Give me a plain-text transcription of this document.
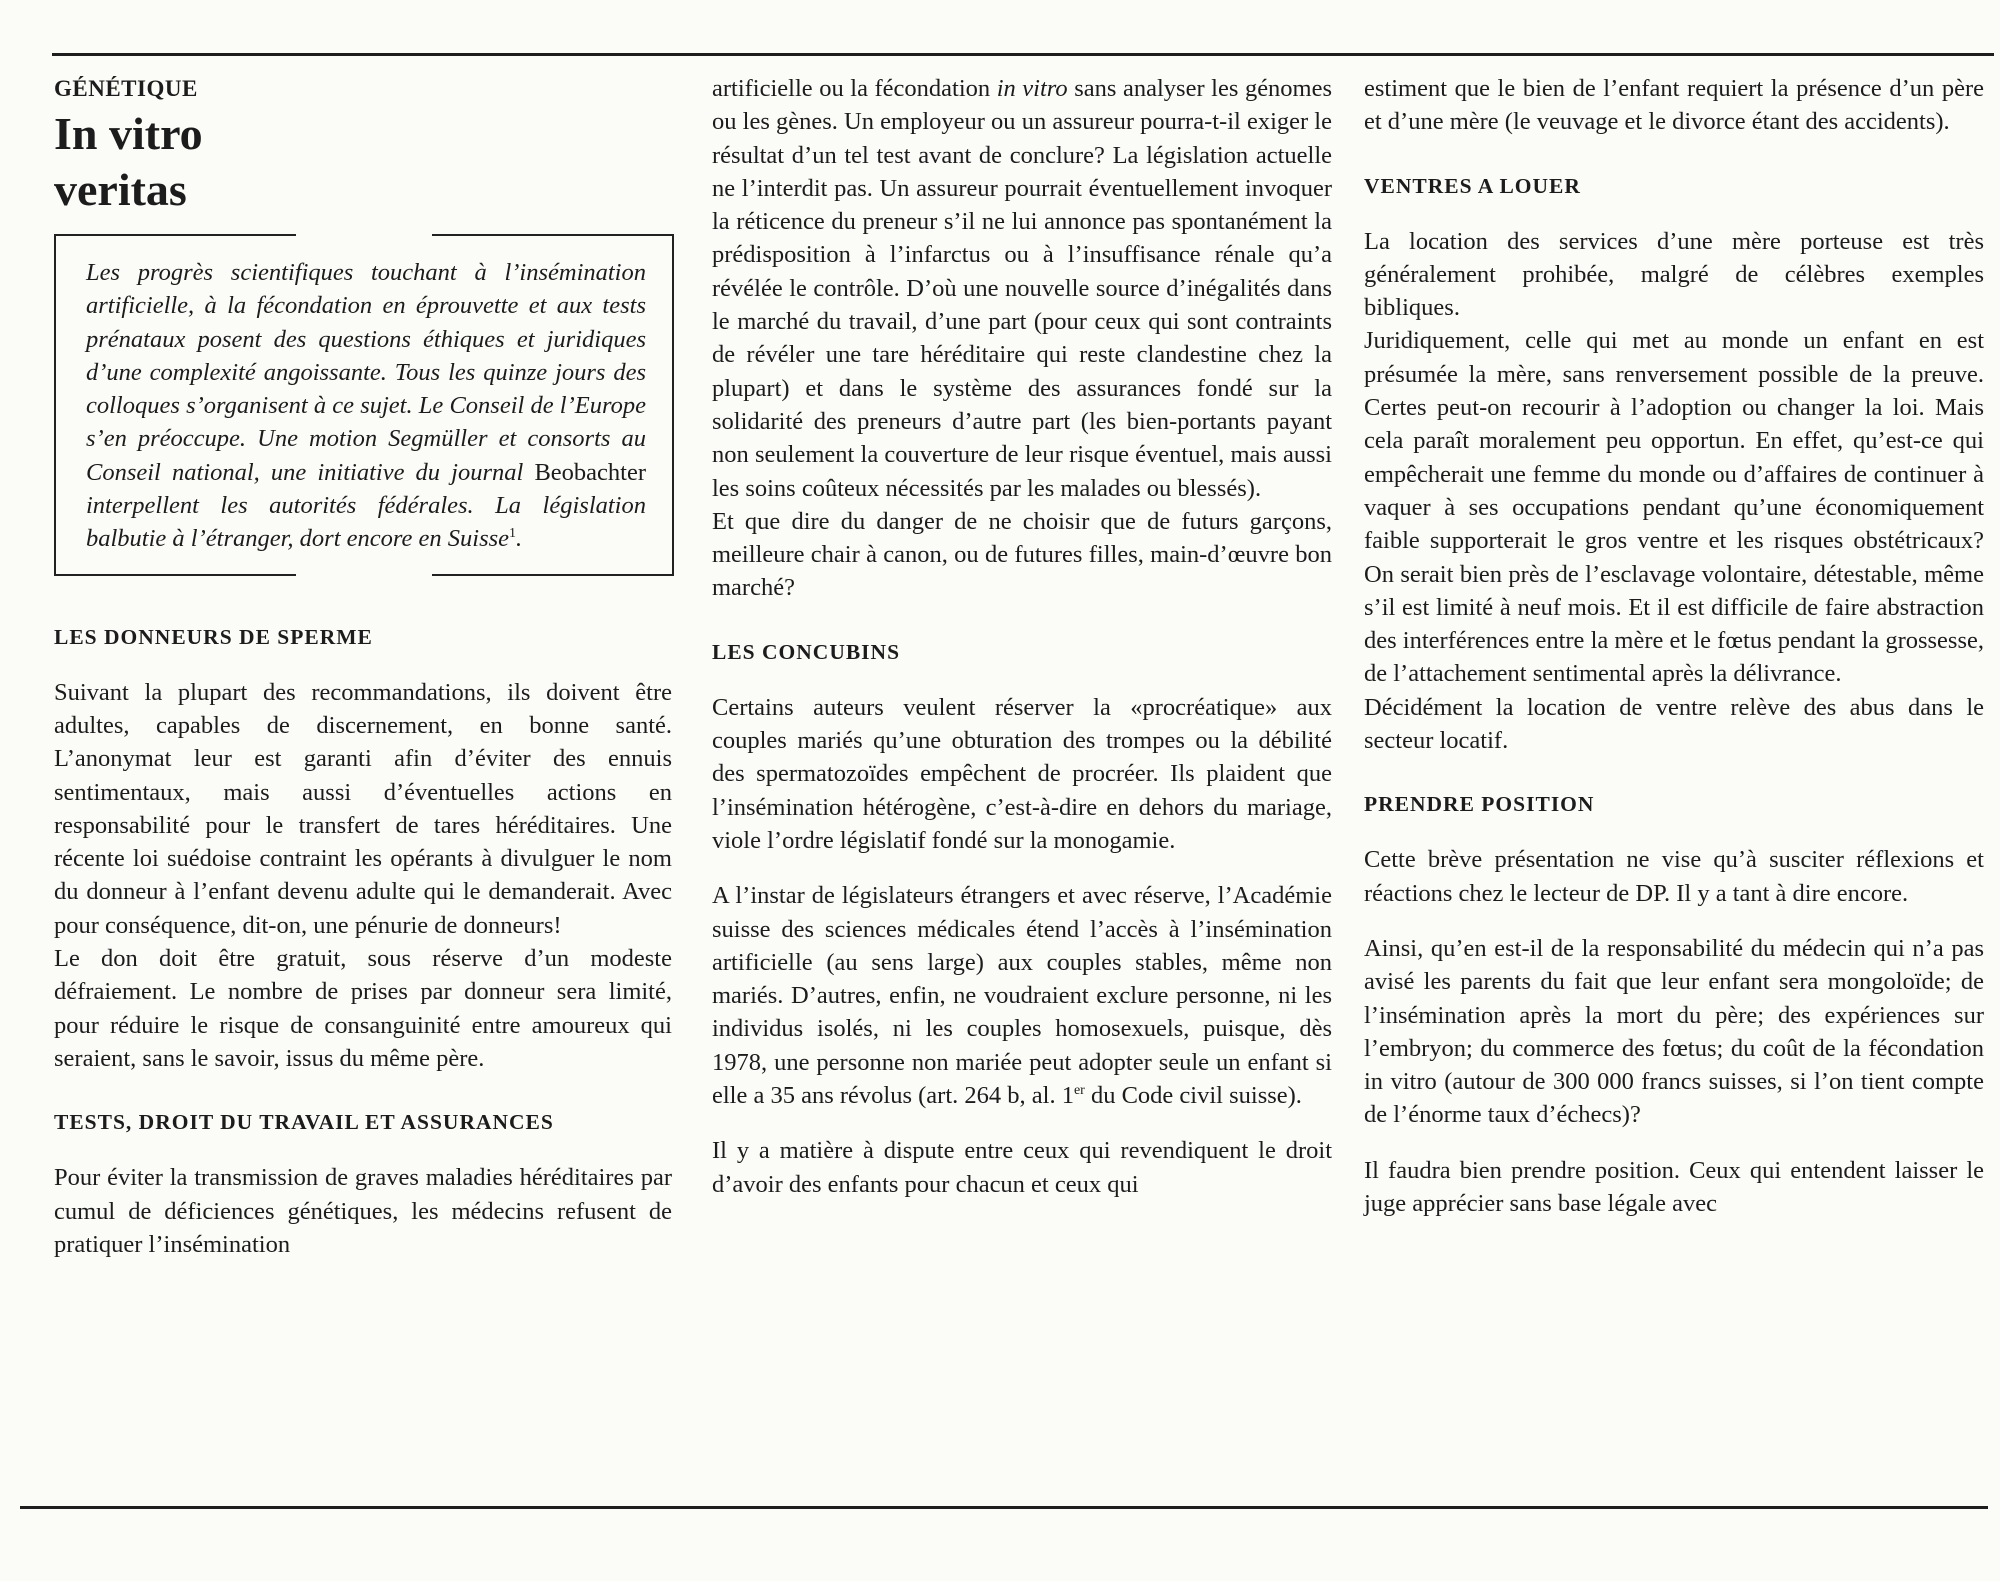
GÉNÉTIQUE
In vitro
veritas

Les progrès scientifiques touchant à l’insémination artificielle, à la fécondation en éprouvette et aux tests prénataux posent des questions éthiques et juridiques d’une complexité angoissante. Tous les quinze jours des colloques s’organisent à ce sujet. Le Conseil de l’Europe s’en préoccupe. Une motion Segmüller et consorts au Conseil national, une initiative du journal Beobachter interpellent les autorités fédérales. La législation balbutie à l’étranger, dort encore en Suisse$^1$.

LES DONNEURS DE SPERME

Suivant la plupart des recommandations, ils doivent être adultes, capables de discernement, en bonne santé. L’anonymat leur est garanti afin d’éviter des ennuis sentimentaux, mais aussi d’éventuelles actions en responsabilité pour le transfert de tares héréditaires. Une récente loi suédoise contraint les opérants à divulguer le nom du donneur à l’enfant devenu adulte qui le demanderait. Avec pour conséquence, dit-on, une pénurie de donneurs!

Le don doit être gratuit, sous réserve d’un modeste défraiement. Le nombre de prises par donneur sera limité, pour réduire le risque de consanguinité entre amoureux qui seraient, sans le savoir, issus du même père.

TESTS, DROIT DU TRAVAIL ET ASSURANCES

Pour éviter la transmission de graves maladies héréditaires par cumul de déficiences génétiques, les médecins refusent de pratiquer l’insémination

artificielle ou la fécondation in vitro sans analyser les génomes ou les gènes. Un employeur ou un assureur pourra-t-il exiger le résultat d’un tel test avant de conclure? La législation actuelle ne l’interdit pas. Un assureur pourrait éventuellement invoquer la réticence du preneur s’il ne lui annonce pas spontanément la prédisposition à l’infarctus ou à l’insuffisance rénale qu’a révélée le contrôle. D’où une nouvelle source d’inégalités dans le marché du travail, d’une part (pour ceux qui sont contraints de révéler une tare héréditaire qui reste clandestine chez la plupart) et dans le système des assurances fondé sur la solidarité des preneurs d’autre part (les bien-portants payant non seulement la couverture de leur risque éventuel, mais aussi les soins coûteux nécessités par les malades ou blessés).

Et que dire du danger de ne choisir que de futurs garçons, meilleure chair à canon, ou de futures filles, main-d’œuvre bon marché?

LES CONCUBINS

Certains auteurs veulent réserver la «procréatique» aux couples mariés qu’une obturation des trompes ou la débilité des spermatozoïdes empêchent de procréer. Ils plaident que l’insémination hétérogène, c’est-à-dire en dehors du mariage, viole l’ordre législatif fondé sur la monogamie.

A l’instar de législateurs étrangers et avec réserve, l’Académie suisse des sciences médicales étend l’accès à l’insémination artificielle (au sens large) aux couples stables, même non mariés. D’autres, enfin, ne voudraient exclure personne, ni les individus isolés, ni les couples homosexuels, puisque, dès 1978, une personne non mariée peut adopter seule un enfant si elle a 35 ans révolus (art. 264 b, al. 1er du Code civil suisse).

Il y a matière à dispute entre ceux qui revendiquent le droit d’avoir des enfants pour chacun et ceux qui

estiment que le bien de l’enfant requiert la présence d’un père et d’une mère (le veuvage et le divorce étant des accidents).

VENTRES A LOUER

La location des services d’une mère porteuse est très généralement prohibée, malgré de célèbres exemples bibliques.

Juridiquement, celle qui met au monde un enfant en est présumée la mère, sans renversement possible de la preuve. Certes peut-on recourir à l’adoption ou changer la loi. Mais cela paraît moralement peu opportun. En effet, qu’est-ce qui empêcherait une femme du monde ou d’affaires de continuer à vaquer à ses occupations pendant qu’une économiquement faible supporterait le gros ventre et les risques obstétricaux? On serait bien près de l’esclavage volontaire, détestable, même s’il est limité à neuf mois. Et il est difficile de faire abstraction des interférences entre la mère et le fœtus pendant la grossesse, de l’attachement sentimental après la délivrance.

Décidément la location de ventre relève des abus dans le secteur locatif.

PRENDRE POSITION

Cette brève présentation ne vise qu’à susciter réflexions et réactions chez le lecteur de DP. Il y a tant à dire encore.

Ainsi, qu’en est-il de la responsabilité du médecin qui n’a pas avisé les parents du fait que leur enfant sera mongoloïde; de l’insémination après la mort du père; des expériences sur l’embryon; du commerce des fœtus; du coût de la fécondation in vitro (autour de 300 000 francs suisses, si l’on tient compte de l’énorme taux d’échecs)?

Il faudra bien prendre position. Ceux qui entendent laisser le juge apprécier sans base légale avec
